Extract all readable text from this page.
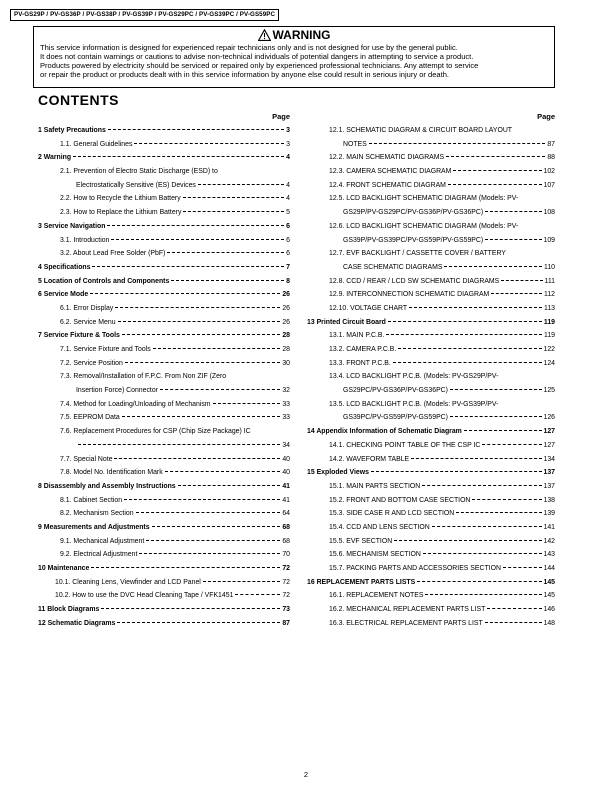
PV-GS29P / PV-GS36P / PV-GS38P / PV-GS39P / PV-GS29PC / PV-GS39PC / PV-GS59PC
WARNING
This service information is designed for experienced repair technicians only and is not designed for use by the general public.
It does not contain warnings or cautions to advise non-technical individuals of potential dangers in attempting to service a product.
Products powered by electricity should be serviced or repaired only by experienced professional technicians. Any attempt to service
or repair the product or products dealt with in this service information by anyone else could result in serious injury or death.
CONTENTS
Page
1 Safety Precautions	3
1.1. General Guidelines	3
2 Warning	4
2.1. Prevention of Electro Static Discharge (ESD) to
Electrostatically Sensitive (ES) Devices	4
2.2. How to Recycle the Lithium Battery	4
2.3. How to Replace the Lithium Battery	5
3 Service Navigation	6
3.1. Introduction	6
3.2. About Lead Free Solder (PbF)	6
4 Specifications	7
5 Location of Controls and Components	8
6 Service Mode	26
6.1. Error Display	26
6.2. Service Menu	26
7 Service Fixture & Tools	28
7.1. Service Fixture and Tools	28
7.2. Service Position	30
7.3. Removal/Installation of F.P.C. From Non ZIF (Zero
Insertion Force) Connector	32
7.4. Method for Loading/Unloading of Mechanism	33
7.5. EEPROM Data	33
7.6. Replacement Procedures for CSP (Chip Size Package) IC
34
7.7. Special Note	40
7.8. Model No. Identification Mark	40
8 Disassembly and Assembly Instructions	41
8.1. Cabinet Section	41
8.2. Mechanism Section	64
9 Measurements and Adjustments	68
9.1. Mechanical Adjustment	68
9.2. Electrical Adjustment	70
10 Maintenance	72
10.1. Cleaning Lens, Viewfinder and LCD Panel	72
10.2. How to use the DVC Head Cleaning Tape / VFK1451	72
11 Block Diagrams	73
12 Schematic Diagrams	87
Page
12.1. SCHEMATIC DIAGRAM & CIRCUIT BOARD LAYOUT
NOTES	87
12.2. MAIN SCHEMATIC DIAGRAMS	88
12.3. CAMERA SCHEMATIC DIAGRAM	102
12.4. FRONT SCHEMATIC DIAGRAM	107
12.5. LCD BACKLIGHT SCHEMATIC DIAGRAM (Models: PV-
GS29P/PV-GS29PC/PV-GS36P/PV-GS36PC)	108
12.6. LCD BACKLIGHT SCHEMATIC DIAGRAM (Models: PV-
GS39P/PV-GS39PC/PV-GS59P/PV-GS59PC)	109
12.7. EVF BACKLIGHT / CASSETTE COVER / BATTERY
CASE SCHEMATIC DIAGRAMS	110
12.8. CCD / REAR / LCD SW SCHEMATIC DIAGRAMS	111
12.9. INTERCONNECTION SCHEMATIC DIAGRAM	112
12.10. VOLTAGE CHART	113
13 Printed Circuit Board	119
13.1. MAIN P.C.B.	119
13.2. CAMERA P.C.B.	122
13.3. FRONT P.C.B.	124
13.4. LCD BACKLIGHT P.C.B. (Models: PV-GS29P/PV-
GS29PC/PV-GS36P/PV-GS36PC)	125
13.5. LCD BACKLIGHT P.C.B. (Models: PV-GS39P/PV-
GS39PC/PV-GS59P/PV-GS59PC)	126
14 Appendix Information of Schematic Diagram	127
14.1. CHECKING POINT TABLE OF THE CSP IC	127
14.2. WAVEFORM TABLE	134
15 Exploded Views	137
15.1. MAIN PARTS SECTION	137
15.2. FRONT AND BOTTOM CASE SECTION	138
15.3. SIDE CASE R AND LCD SECTION	139
15.4. CCD AND LENS SECTION	141
15.5. EVF SECTION	142
15.6. MECHANISM SECTION	143
15.7. PACKING PARTS AND ACCESSORIES SECTION	144
16 REPLACEMENT PARTS LISTS	145
16.1. REPLACEMENT NOTES	145
16.2. MECHANICAL REPLACEMENT PARTS LIST	146
16.3. ELECTRICAL REPLACEMENT PARTS LIST	148
2
